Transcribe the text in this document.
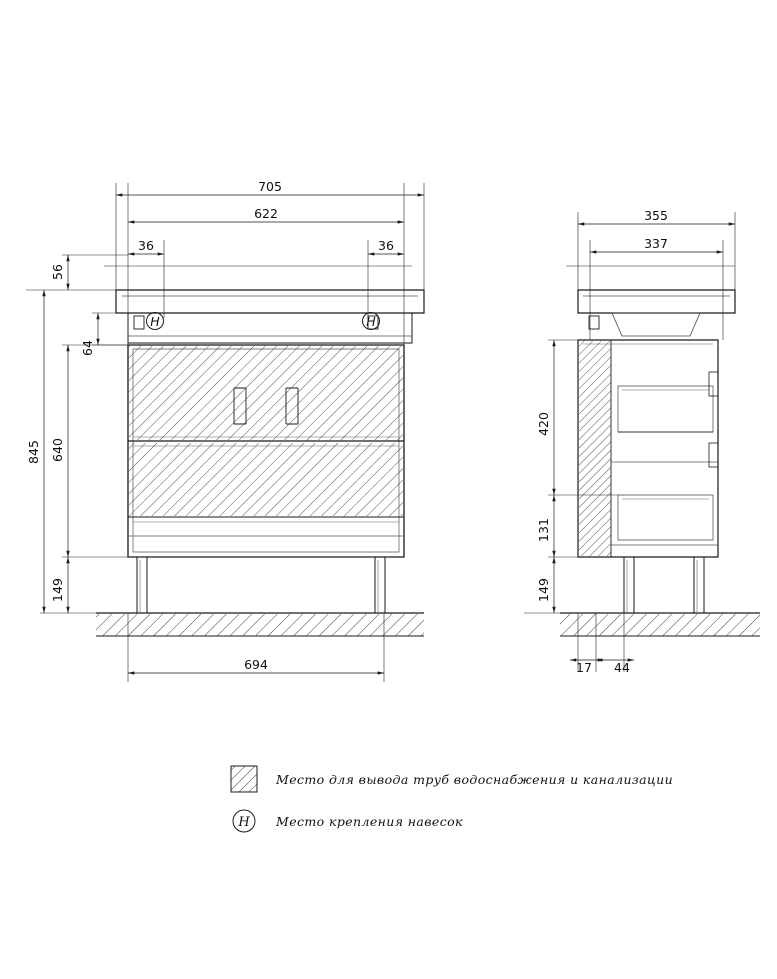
705
622
36	36
56
64
640
149
845
694
355
337
420
131
149
17 44
H	H
Место для вывода труб водоснабжения и канализации
H Место крепления навесок
